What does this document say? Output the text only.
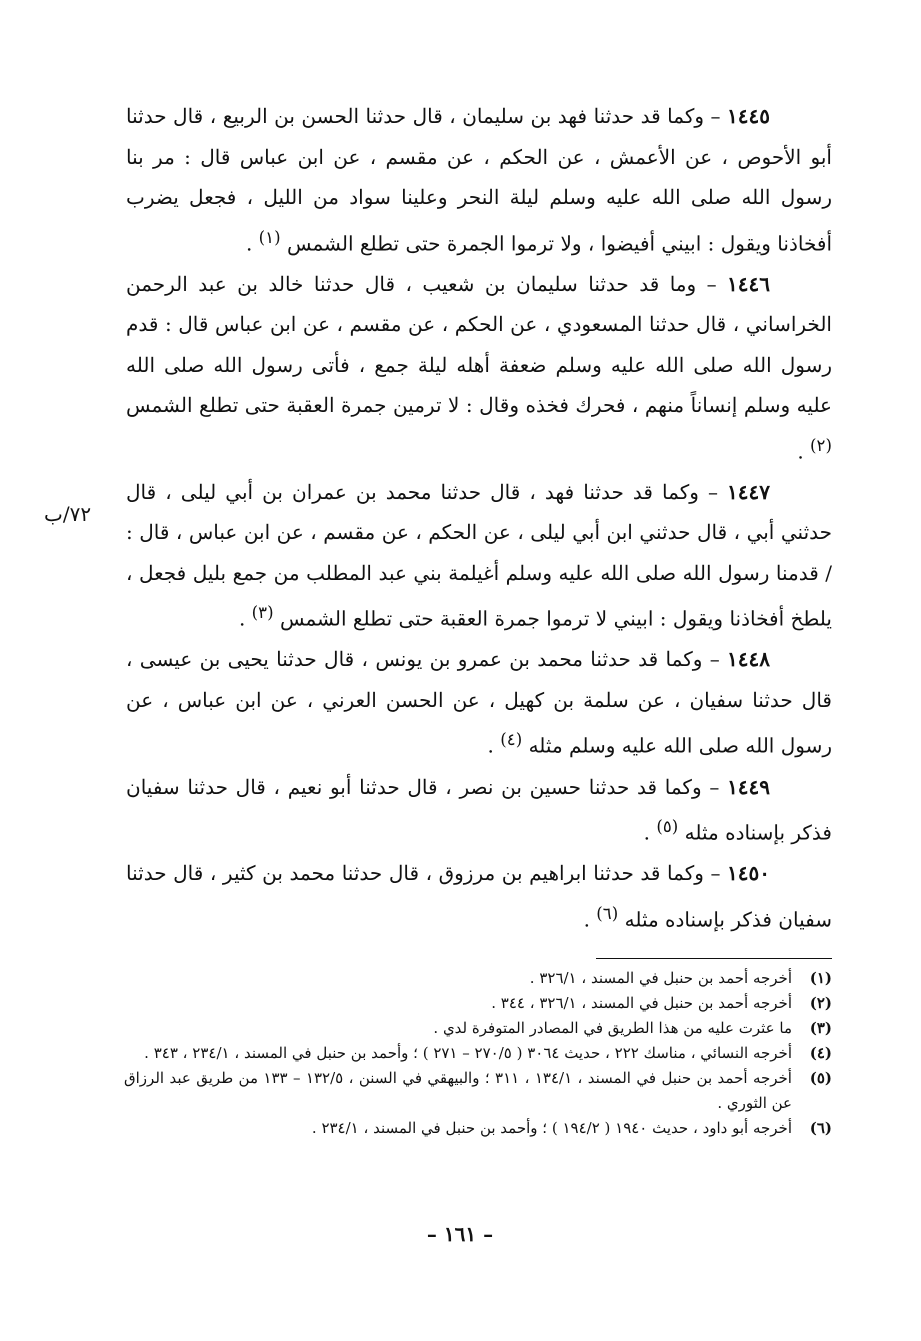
١٤٤٥ – وكما قد حدثنا فهد بن سليمان ، قال حدثنا الحسن بن الربيع ، قال حدثنا أبو الأحوص ، عن الأعمش ، عن الحكم ، عن مقسم ، عن ابن عباس قال : مر بنا رسول الله صلى الله عليه وسلم ليلة النحر وعلينا سواد من الليل ، فجعل يضرب أفخاذنا ويقول : ابيني أفيضوا ، ولا ترموا الجمرة حتى تطلع الشمس $^{(١)}$ .

١٤٤٦ – وما قد حدثنا سليمان بن شعيب ، قال حدثنا خالد بن عبد الرحمن الخراساني ، قال حدثنا المسعودي ، عن الحكم ، عن مقسم ، عن ابن عباس قال : قدم رسول الله صلى الله عليه وسلم ضعفة أهله ليلة جمع ، فأتى رسول الله صلى الله عليه وسلم إنساناً منهم ، فحرك فخذه وقال : لا ترمين جمرة العقبة حتى تطلع الشمس $^{(٢)}$ .

١٤٤٧ – وكما قد حدثنا فهد ، قال حدثنا محمد بن عمران بن أبي ليلى ، قال حدثني أبي ، قال حدثني ابن أبي ليلى ، عن الحكم ، عن مقسم ، عن ابن عباس ، قال : / قدمنا رسول الله صلى الله عليه وسلم أغيلمة بني عبد المطلب من جمع بليل فجعل ، يلطخ أفخاذنا ويقول : ابيني لا ترموا جمرة العقبة حتى تطلع الشمس $^{(٣)}$ .

١٤٤٨ – وكما قد حدثنا محمد بن عمرو بن يونس ، قال حدثنا يحيى بن عيسى ، قال حدثنا سفيان ، عن سلمة بن كهيل ، عن الحسن العرني ، عن ابن عباس ، عن رسول الله صلى الله عليه وسلم مثله $^{(٤)}$ .

١٤٤٩ – وكما قد حدثنا حسين بن نصر ، قال حدثنا أبو نعيم ، قال حدثنا سفيان فذكر بإسناده مثله $^{(٥)}$ .

١٤٥٠ – وكما قد حدثنا ابراهيم بن مرزوق ، قال حدثنا محمد بن كثير ، قال حدثنا سفيان فذكر بإسناده مثله $^{(٦)}$ .

٧٢/ب
(١)
أخرجه أحمد بن حنبل في المسند ، ٣٢٦/١ .
(٢)
أخرجه أحمد بن حنبل في المسند ، ٣٢٦/١ ، ٣٤٤ .
(٣)
ما عثرت عليه من هذا الطريق في المصادر المتوفرة لدي .
(٤)
أخرجه النسائي ، مناسك ٢٢٢ ، حديث ٣٠٦٤ ( ٢٧٠/٥ – ٢٧١ ) ؛ وأحمد بن حنبل في المسند ، ٢٣٤/١ ، ٣٤٣ .
(٥)
أخرجه أحمد بن حنبل في المسند ، ١٣٤/١ ، ٣١١ ؛ والبيهقي في السنن ، ١٣٢/٥ – ١٣٣ من طريق عبد الرزاق عن الثوري .
(٦)
أخرجه أبو داود ، حديث ١٩٤٠ ( ١٩٤/٢ ) ؛ وأحمد بن حنبل في المسند ، ٢٣٤/١ .
– ١٦١ –
